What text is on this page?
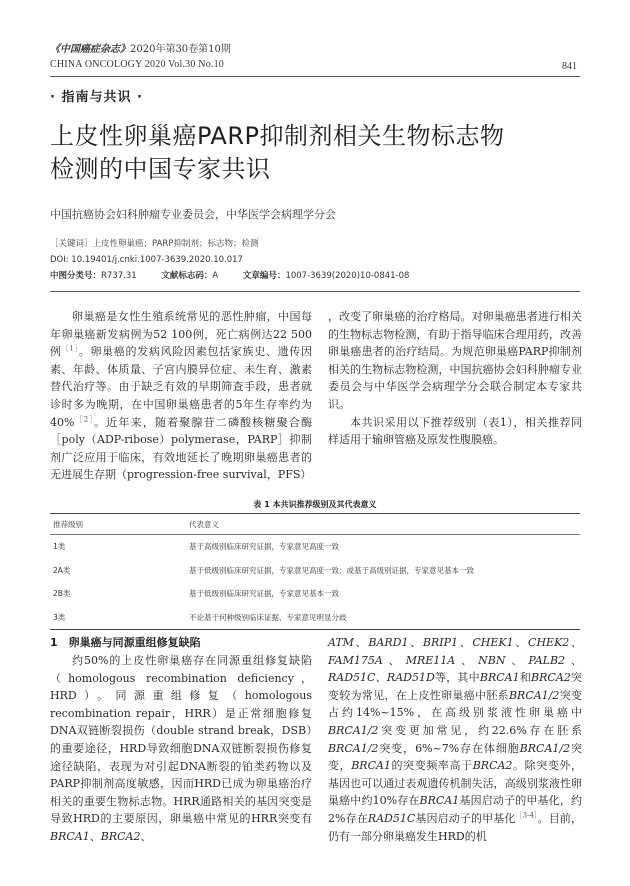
《中国癌症杂志》2020年第30卷第10期
CHINA ONCOLOGY 2020 Vol.30 No.10	841
· 指南与共识 ·
上皮性卵巢癌PARP抑制剂相关生物标志物
检测的中国专家共识
中国抗癌协会妇科肿瘤专业委员会，中华医学会病理学分会
［关键词］上皮性卵巢癌；PARP抑制剂；标志物；检测
DOI: 10.19401/j.cnki.1007-3639.2020.10.017
中图分类号：R737.31	文献标志码：A	文章编号：1007-3639(2020)10-0841-08

卵巢癌是女性生殖系统常见的恶性肿瘤，中国每年卵巢癌新发病例为52 100例，死亡病例达22 500例$^{[1]}$。卵巢癌的发病风险因素包括家族史、遗传因素、年龄、体质量、子宫内膜异位症、未生育、激素替代治疗等。由于缺乏有效的早期筛查手段，患者就诊时多为晚期，在中国卵巢癌患者的5年生存率约为40%$^{[2]}$。近年来，随着聚腺苷二磷酸核糖聚合酶［poly（ADP-ribose）polymerase，PARP］抑制剂广泛应用于临床，有效地延长了晚期卵巢癌患者的无进展生存期（progression-free survival，PFS）

，改变了卵巢癌的治疗格局。对卵巢癌患者进行相关的生物标志物检测，有助于指导临床合理用药，改善卵巢癌患者的治疗结局。为规范卵巢癌PARP抑制剂相关的生物标志物检测，中国抗癌协会妇科肿瘤专业委员会与中华医学会病理学分会联合制定本专家共识。

本共识采用以下推荐级别（表1），相关推荐同样适用于输卵管癌及原发性腹膜癌。

表 1 本共识推荐级别及其代表意义
推荐级别	代表意义
1类	基于高级别临床研究证据，专家意见高度一致
2A类	基于低级别临床研究证据，专家意见高度一致；或基于高级别证据，专家意见基本一致
2B类	基于低级别临床研究证据，专家意见基本一致
3类	不论基于何种级别临床证据，专家意见明显分歧
1　卵巢癌与同源重组修复缺陷

约50%的上皮性卵巢癌存在同源重组修复缺陷（homologous recombination deficiency，HRD）。同源重组修复（homologous recombination repair，HRR）是正常细胞修复DNA双链断裂损伤（double strand break，DSB）的重要途径，HRD导致细胞DNA双链断裂损伤修复途径缺陷，表现为对引起DNA断裂的铂类药物以及PARP抑制剂高度敏感，因而HRD已成为卵巢癌治疗相关的重要生物标志物。HRR通路相关的基因突变是导致HRD的主要原因，卵巢癌中常见的HRR突变有BRCA1、BRCA2、

ATM、BARD1、BRIP1、CHEK1、CHEK2、FAM175A、MRE11A、NBN、PALB2、RAD51C、RAD51D等，其中BRCA1和BRCA2突变较为常见，在上皮性卵巢癌中胚系BRCA1/2突变占约14%~15%，在高级别浆液性卵巢癌中BRCA1/2突变更加常见，约22.6%存在胚系BRCA1/2突变，6%~7%存在体细胞BRCA1/2突变，BRCA1的突变频率高于BRCA2。除突变外，基因也可以通过表观遗传机制失活，高级别浆液性卵巢癌中约10%存在BRCA1基因启动子的甲基化，约2%存在RAD51C基因启动子的甲基化$^{[3-4]}$。目前，仍有一部分卵巢癌发生HRD的机
